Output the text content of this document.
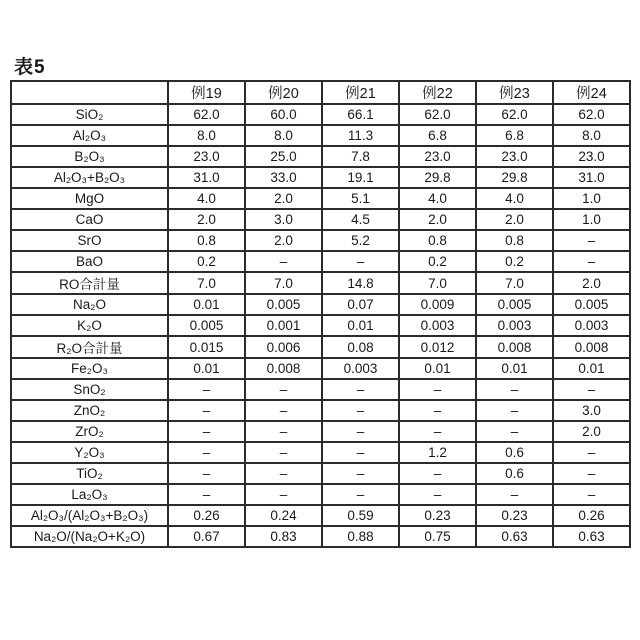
表5
	例19	例20	例21	例22	例23	例24
SiO₂	62.0	60.0	66.1	62.0	62.0	62.0
Al₂O₃	8.0	8.0	11.3	6.8	6.8	8.0
B₂O₃	23.0	25.0	7.8	23.0	23.0	23.0
Al₂O₃+B₂O₃	31.0	33.0	19.1	29.8	29.8	31.0
MgO	4.0	2.0	5.1	4.0	4.0	1.0
CaO	2.0	3.0	4.5	2.0	2.0	1.0
SrO	0.8	2.0	5.2	0.8	0.8	–
BaO	0.2	–	–	0.2	0.2	–
RO合計量	7.0	7.0	14.8	7.0	7.0	2.0
Na₂O	0.01	0.005	0.07	0.009	0.005	0.005
K₂O	0.005	0.001	0.01	0.003	0.003	0.003
R₂O合計量	0.015	0.006	0.08	0.012	0.008	0.008
Fe₂O₃	0.01	0.008	0.003	0.01	0.01	0.01
SnO₂	–	–	–	–	–	–
ZnO₂	–	–	–	–	–	3.0
ZrO₂	–	–	–	–	–	2.0
Y₂O₃	–	–	–	1.2	0.6	–
TiO₂	–	–	–	–	0.6	–
La₂O₃	–	–	–	–	–	–
Al₂O₃/(Al₂O₃+B₂O₃)	0.26	0.24	0.59	0.23	0.23	0.26
Na₂O/(Na₂O+K₂O)	0.67	0.83	0.88	0.75	0.63	0.63
